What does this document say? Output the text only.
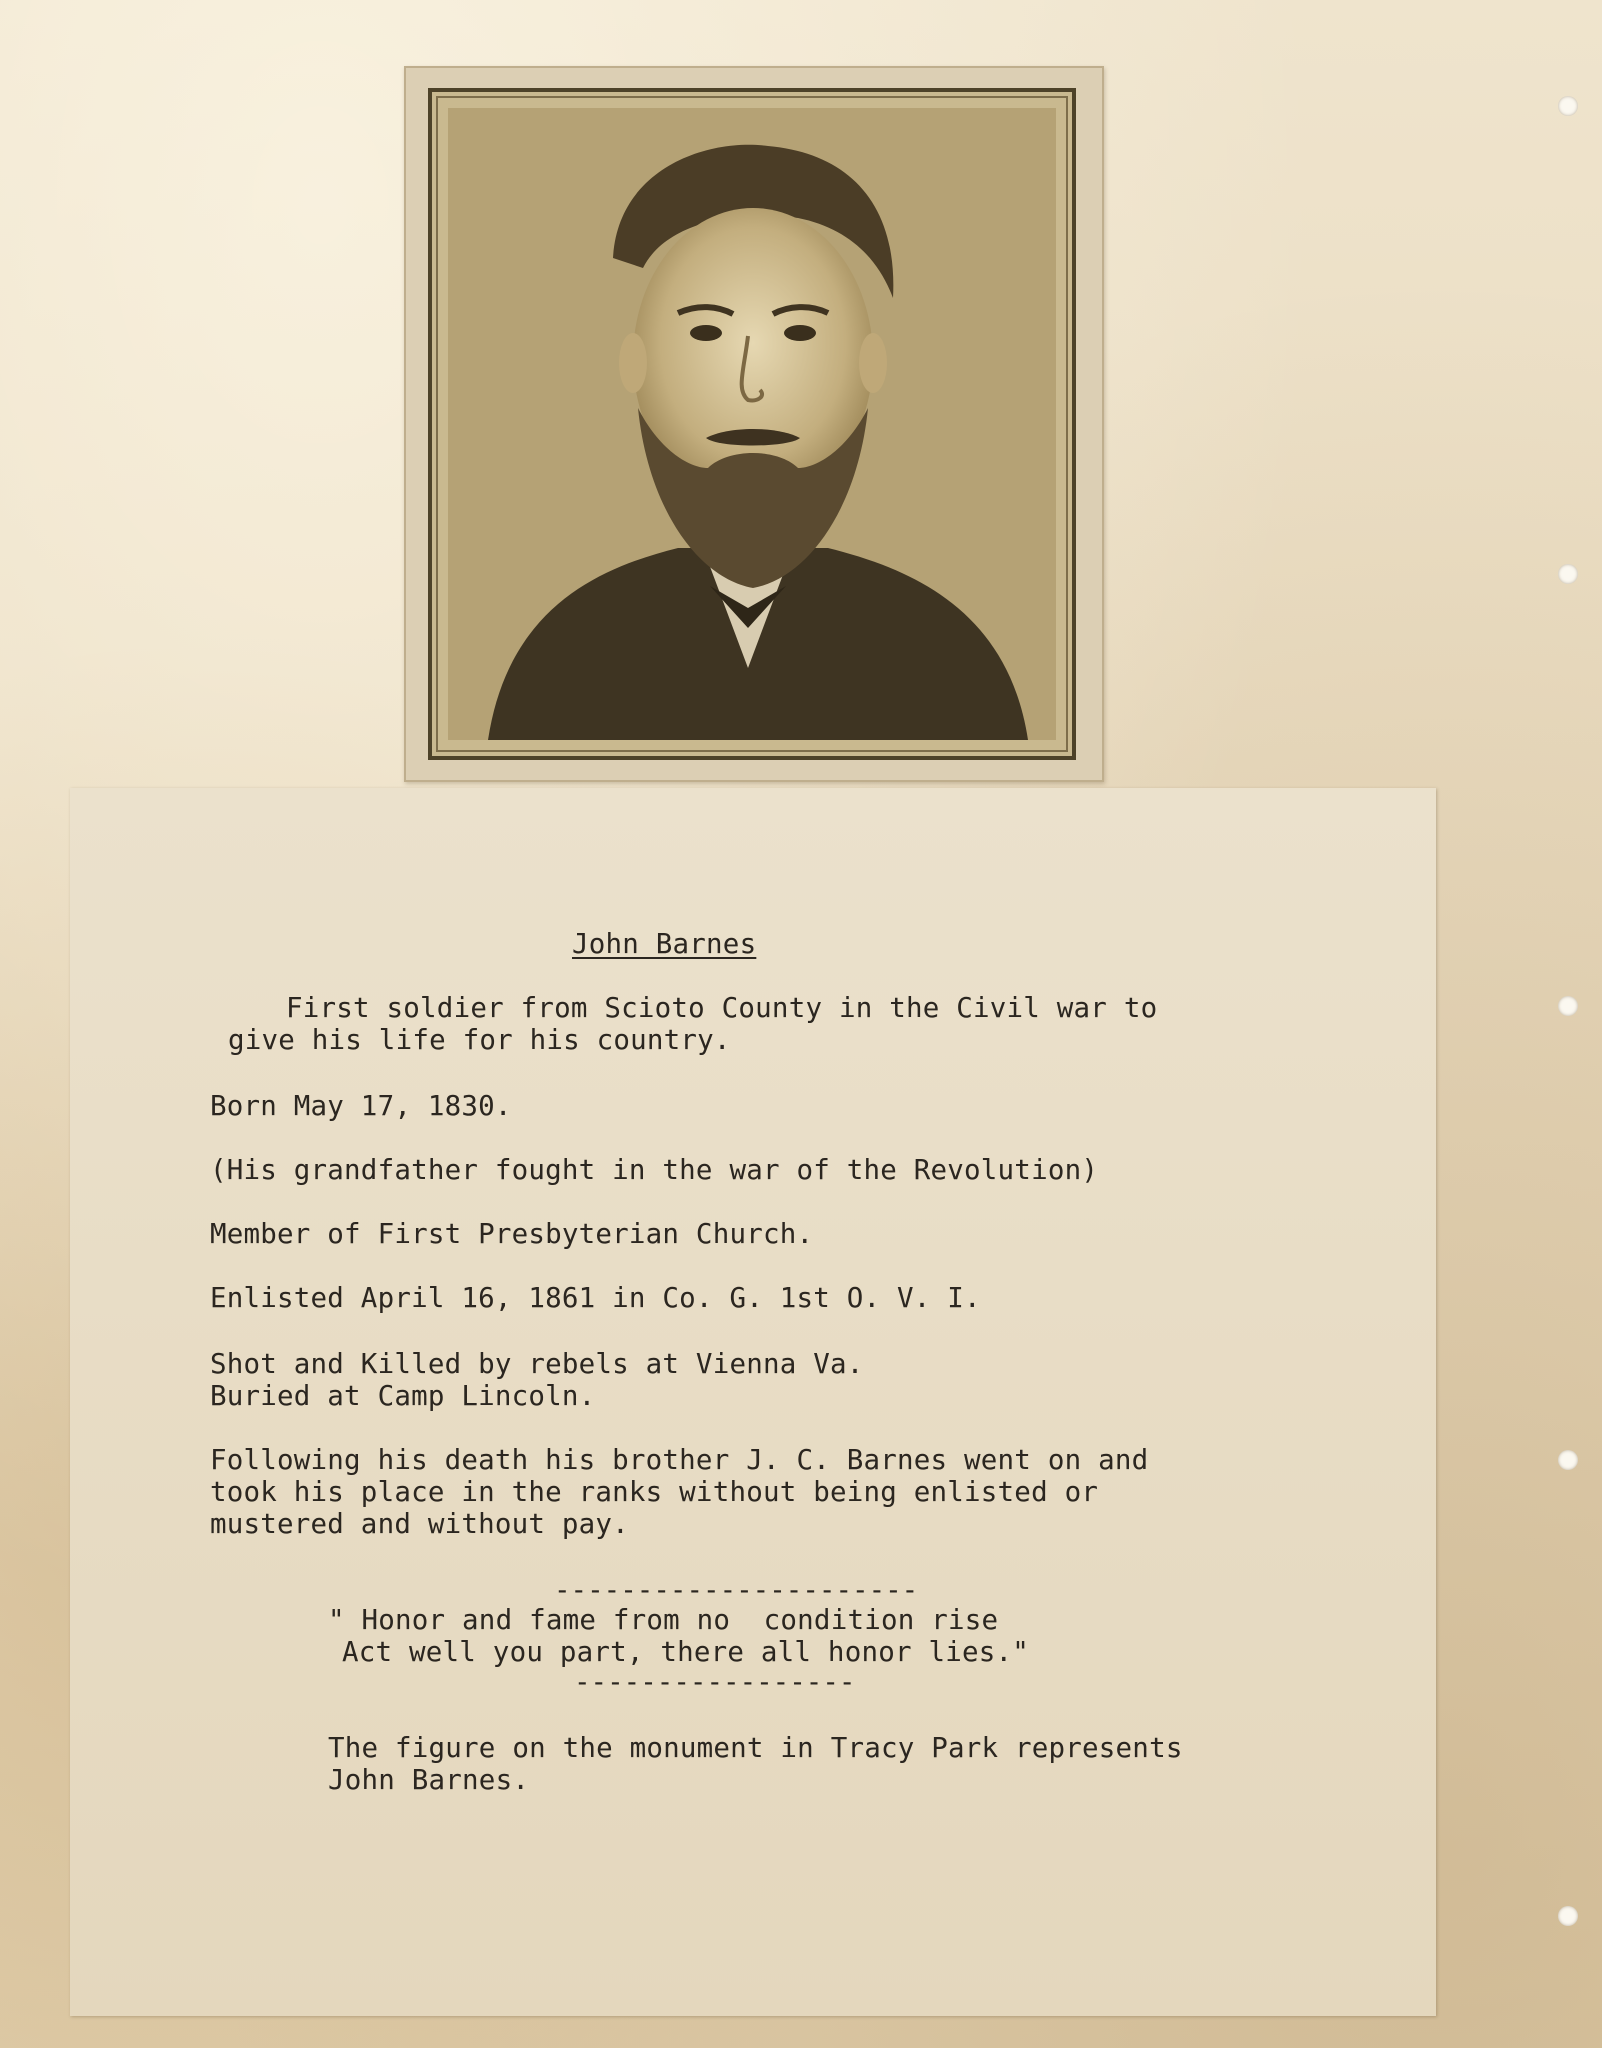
John Barnes
First soldier from Scioto County in the Civil war to
give his life for his country.
Born May 17, 1830.
(His grandfather fought in the war of the Revolution)
Member of First Presbyterian Church.
Enlisted April 16, 1861 in Co. G. 1st O. V. I.
Shot and Killed by rebels at Vienna Va.
Buried at Camp Lincoln.
Following his death his brother J. C. Barnes went on and
took his place in the ranks without being enlisted or
mustered and without pay.
----------------------
" Honor and fame from no  condition rise
Act well you part, there all honor lies."
-----------------
The figure on the monument in Tracy Park represents
John Barnes.
